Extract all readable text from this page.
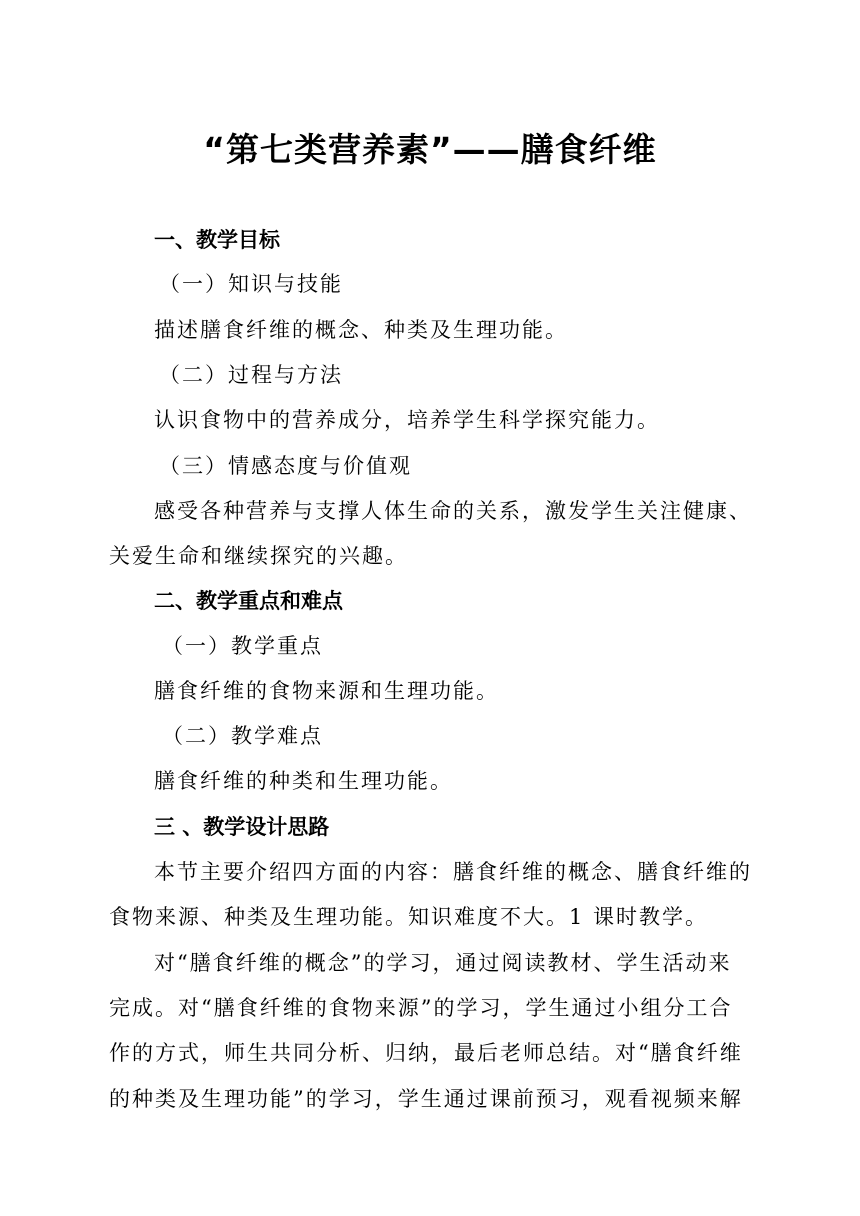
“第七类营养素”——膳食纤维
一、教学目标
（一）知识与技能
描述膳食纤维的概念、种类及生理功能。
（二）过程与方法
认识食物中的营养成分，培养学生科学探究能力。
（三）情感态度与价值观
感受各种营养与支撑人体生命的关系，激发学生关注健康、
关爱生命和继续探究的兴趣。
二、教学重点和难点
（一）教学重点
膳食纤维的食物来源和生理功能。
（二）教学难点
膳食纤维的种类和生理功能。
三 、教学设计思路
本节主要介绍四方面的内容：膳食纤维的概念、膳食纤维的
食物来源、种类及生理功能。知识难度不大。1 课时教学。
对“膳食纤维的概念”的学习，通过阅读教材、学生活动来
完成。对“膳食纤维的食物来源”的学习，学生通过小组分工合
作的方式，师生共同分析、归纳，最后老师总结。对“膳食纤维
的种类及生理功能”的学习，学生通过课前预习，观看视频来解
